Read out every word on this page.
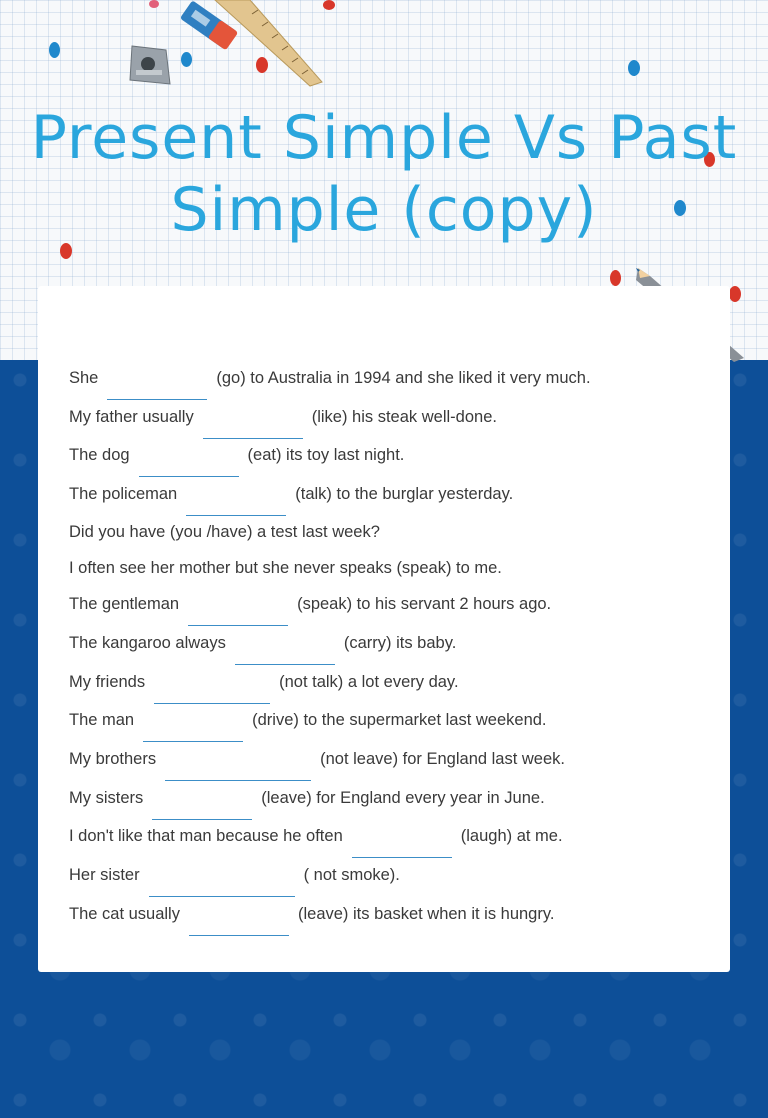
Present Simple Vs Past
Simple (copy)
She	(go) to Australia in 1994 and she liked it very much.
My father usually	(like) his steak well-done.
The dog	(eat) its toy last night.
The policeman	(talk) to the burglar yesterday.
Did you have (you /have) a test last week?
I often see her mother but she never speaks (speak) to me.
The gentleman	(speak) to his servant 2 hours ago.
The kangaroo always	(carry) its baby.
My friends	(not talk) a lot every day.
The man	(drive) to the supermarket last weekend.
My brothers	(not leave) for England last week.
My sisters	(leave) for England every year in June.
I don't like that man because he often	(laugh) at me.
Her sister	( not smoke).
The cat usually	(leave) its basket when it is hungry.
